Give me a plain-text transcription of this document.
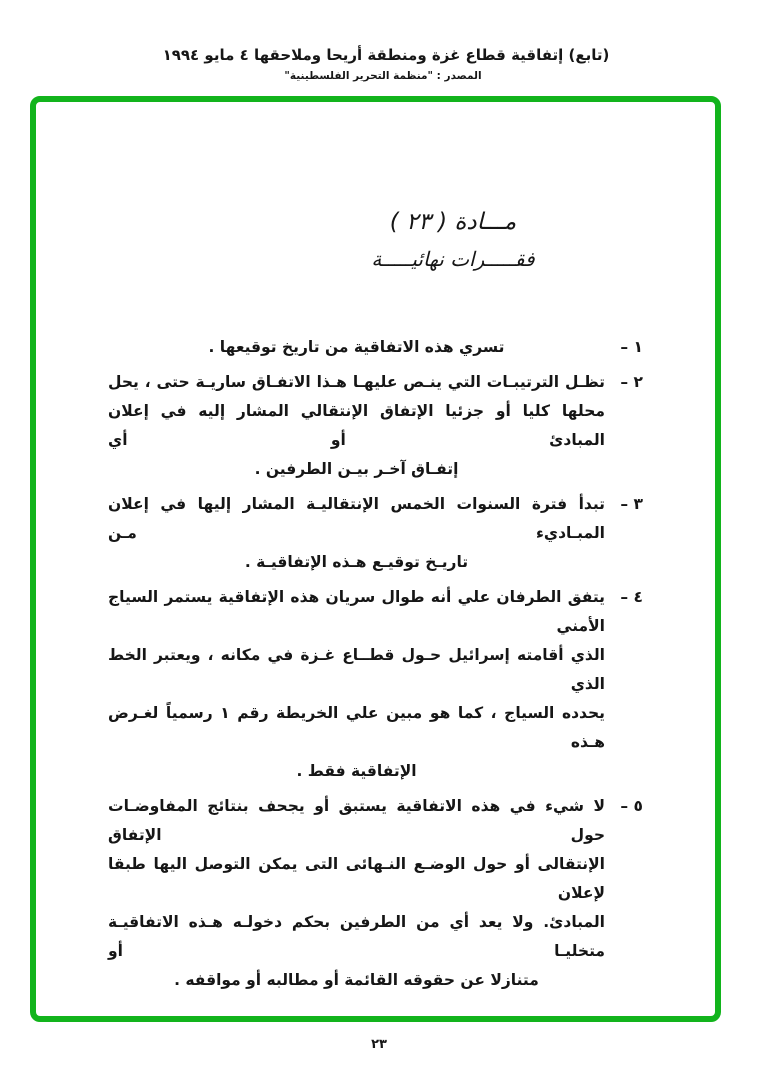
(تابع) إتفاقية قطاع غزة ومنطقة أريحا وملاحقها ٤ مايو ١٩٩٤
المصدر : "منظمة التحرير الفلسطينية"
مـــادة ( ٢٣ )
فقـــــرات نهائيـــــة
١ –
تسري هذه الاتفاقية من تاريخ توقيعها .
٢ –
تظـل الترتيبـات التي ينـص عليهـا هـذا الاتفـاق ساريـة حتى ، يحل
محلها كليا أو جزئيا الإتفاق الإنتقالي المشار إليه في إعلان المبادئ أو أي
إتفـاق آخـر بيـن الطرفين .
٣ –
تبدأ فترة السنوات الخمس الإنتقاليـة المشار إليها في إعلان المبـاديء مـن
تاريـخ توقيـع هـذه الإتفاقيـة .
٤ –
يتفق الطرفان علي أنه طوال سريان هذه الإتفاقية يستمر السياج الأمني
الذي أقامته إسرائيل حـول قطــاع غـزة في مكانه ، ويعتبر الخط الذي
يحدده السياج ، كما هو مبين علي الخريطة رقم ١ رسمياً لغـرض هـذه
الإتفاقية فقط .
٥ –
لا شيء في هذه الاتفاقية يستبق أو يجحف بنتائج المفاوضـات حول الإتفاق
الإنتقالى أو حول الوضـع النـهائى التى يمكن التوصل اليها طبقا لإعلان
المبادئ. ولا يعد أي من الطرفين بحكم دخولـه هـذه الاتفاقيـة متخليـا أو
متنازلا عن حقوقه القائمة أو مطالبه أو مواقفه .
٢٣
